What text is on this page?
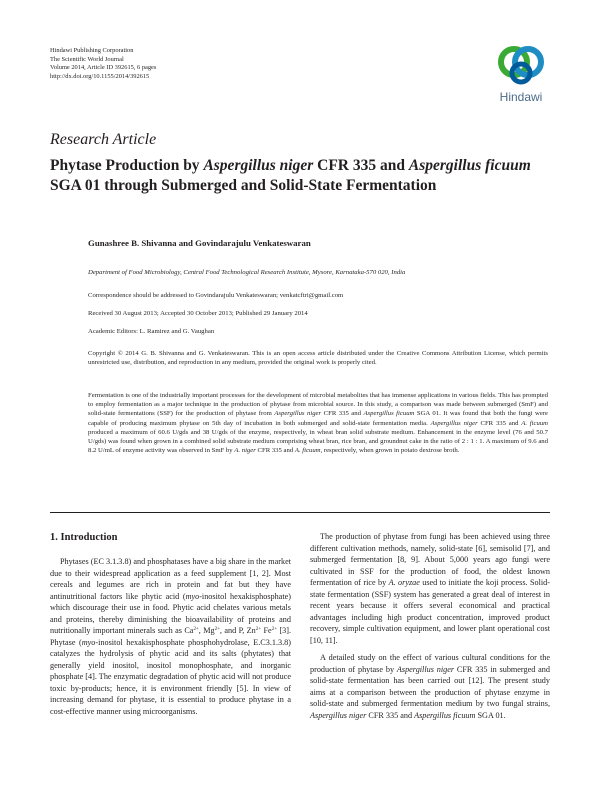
Hindawi Publishing Corporation
The Scientific World Journal
Volume 2014, Article ID 392615, 6 pages
http://dx.doi.org/10.1155/2014/392615
Hindawi
Research Article
Phytase Production by Aspergillus niger CFR 335 and Aspergillus ficuum SGA 01 through Submerged and Solid-State Fermentation
Gunashree B. Shivanna and Govindarajulu Venkateswaran
Department of Food Microbiology, Central Food Technological Research Institute, Mysore, Karnataka-570 020, India
Correspondence should be addressed to Govindarajulu Venkateswaran; venkatcftri@gmail.com
Received 30 August 2013; Accepted 30 October 2013; Published 29 January 2014
Academic Editors: L. Ramirez and G. Vaughan
Copyright © 2014 G. B. Shivanna and G. Venkateswaran. This is an open access article distributed under the Creative Commons Attribution License, which permits unrestricted use, distribution, and reproduction in any medium, provided the original work is properly cited.
Fermentation is one of the industrially important processes for the development of microbial metabolites that has immense applications in various fields. This has prompted to employ fermentation as a major technique in the production of phytase from microbial source. In this study, a comparison was made between submerged (SmF) and solid-state fermentations (SSF) for the production of phytase from Aspergillus niger CFR 335 and Aspergillus ficuum SGA 01. It was found that both the fungi were capable of producing maximum phytase on 5th day of incubation in both submerged and solid-state fermentation media. Aspergillus niger CFR 335 and A. ficuum produced a maximum of 60.6 U/gds and 38 U/gds of the enzyme, respectively, in wheat bran solid substrate medium. Enhancement in the enzyme level (76 and 50.7 U/gds) was found when grown in a combined solid substrate medium comprising wheat bran, rice bran, and groundnut cake in the ratio of 2 : 1 : 1. A maximum of 9.6 and 8.2 U/mL of enzyme activity was observed in SmF by A. niger CFR 335 and A. ficuum, respectively, when grown in potato dextrose broth.
1. Introduction

Phytases (EC 3.1.3.8) and phosphatases have a big share in the market due to their widespread application as a feed supplement [1, 2]. Most cereals and legumes are rich in protein and fat but they have antinutritional factors like phytic acid (myo-inositol hexakisphosphate) which discourage their use in food. Phytic acid chelates various metals and proteins, thereby diminishing the bioavailability of proteins and nutritionally important minerals such as $Ca^{2+}$, $Mg^{2+}$, and P, $Zn^{2+}$ $Fe^{2+}$ [3]. Phytase (myo-inositol hexakisphosphate phosphohydrolase, E.C3.1.3.8) catalyzes the hydrolysis of phytic acid and its salts (phytates) that generally yield inositol, inositol monophosphate, and inorganic phosphate [4]. The enzymatic degradation of phytic acid will not produce toxic by-products; hence, it is environment friendly [5]. In view of increasing demand for phytase, it is essential to produce phytase in a cost-effective manner using microorganisms.

The production of phytase from fungi has been achieved using three different cultivation methods, namely, solid-state [6], semisolid [7], and submerged fermentation [8, 9]. About 5,000 years ago fungi were cultivated in SSF for the production of food, the oldest known fermentation of rice by A. oryzae used to initiate the koji process. Solid-state fermentation (SSF) system has generated a great deal of interest in recent years because it offers several economical and practical advantages including high product concentration, improved product recovery, simple cultivation equipment, and lower plant operational cost [10, 11].

A detailed study on the effect of various cultural conditions for the production of phytase by Aspergillus niger CFR 335 in submerged and solid-state fermentation has been carried out [12]. The present study aims at a comparison between the production of phytase enzyme in solid-state and submerged fermentation medium by two fungal strains, Aspergillus niger CFR 335 and Aspergillus ficuum SGA 01.
